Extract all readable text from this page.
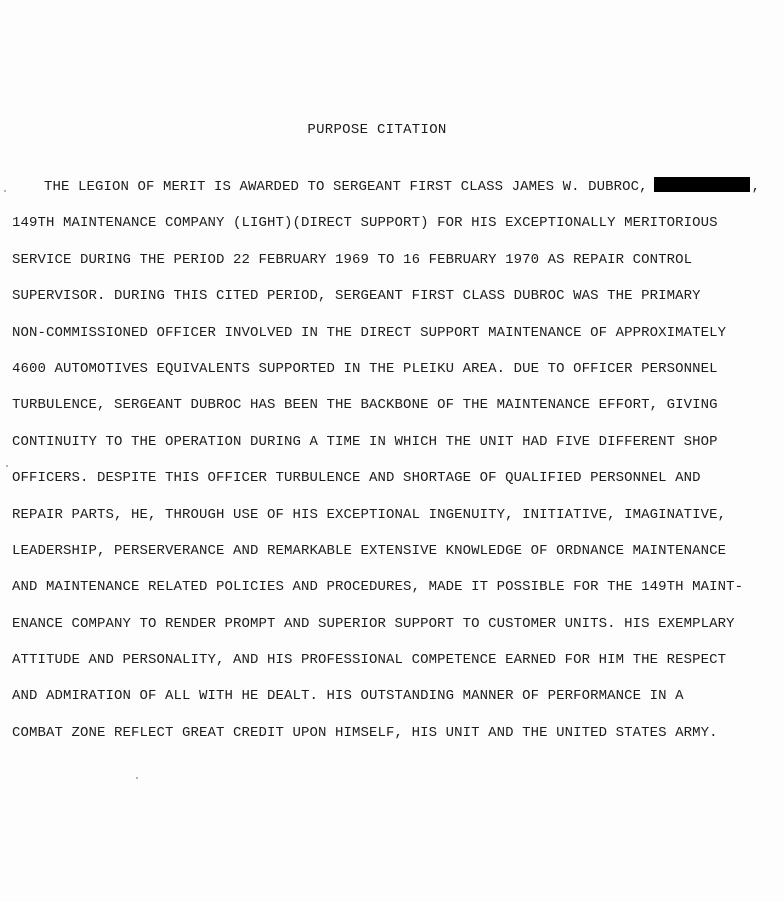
PURPOSE CITATION
THE LEGION OF MERIT IS AWARDED TO SERGEANT FIRST CLASS JAMES W. DUBROC,	,
149TH MAINTENANCE COMPANY (LIGHT)(DIRECT SUPPORT) FOR HIS EXCEPTIONALLY MERITORIOUS
SERVICE DURING THE PERIOD 22 FEBRUARY 1969 TO 16 FEBRUARY 1970 AS REPAIR CONTROL
SUPERVISOR. DURING THIS CITED PERIOD, SERGEANT FIRST CLASS DUBROC WAS THE PRIMARY
NON-COMMISSIONED OFFICER INVOLVED IN THE DIRECT SUPPORT MAINTENANCE OF APPROXIMATELY
4600 AUTOMOTIVES EQUIVALENTS SUPPORTED IN THE PLEIKU AREA. DUE TO OFFICER PERSONNEL
TURBULENCE, SERGEANT DUBROC HAS BEEN THE BACKBONE OF THE MAINTENANCE EFFORT, GIVING
CONTINUITY TO THE OPERATION DURING A TIME IN WHICH THE UNIT HAD FIVE DIFFERENT SHOP
OFFICERS. DESPITE THIS OFFICER TURBULENCE AND SHORTAGE OF QUALIFIED PERSONNEL AND
REPAIR PARTS, HE, THROUGH USE OF HIS EXCEPTIONAL INGENUITY, INITIATIVE, IMAGINATIVE,
LEADERSHIP, PERSERVERANCE AND REMARKABLE EXTENSIVE KNOWLEDGE OF ORDNANCE MAINTENANCE
AND MAINTENANCE RELATED POLICIES AND PROCEDURES, MADE IT POSSIBLE FOR THE 149TH MAINT-
ENANCE COMPANY TO RENDER PROMPT AND SUPERIOR SUPPORT TO CUSTOMER UNITS. HIS EXEMPLARY
ATTITUDE AND PERSONALITY, AND HIS PROFESSIONAL COMPETENCE EARNED FOR HIM THE RESPECT
AND ADMIRATION OF ALL WITH HE DEALT. HIS OUTSTANDING MANNER OF PERFORMANCE IN A
COMBAT ZONE REFLECT GREAT CREDIT UPON HIMSELF, HIS UNIT AND THE UNITED STATES ARMY.
